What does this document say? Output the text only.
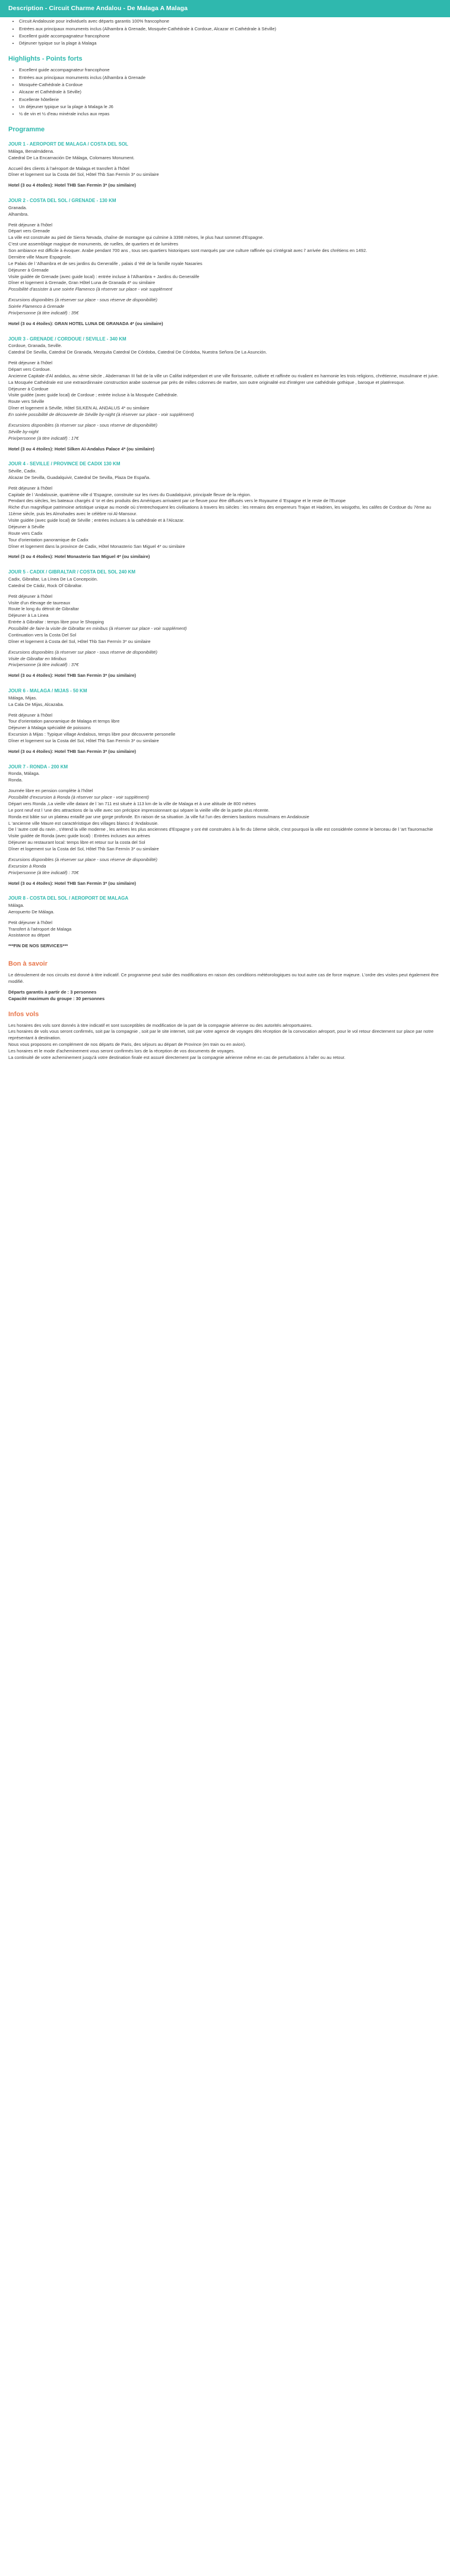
Description - Circuit Charme Andalou - De Malaga A Malaga
• Circuit Andalousie pour individuels avec départs garantis 100% francophone
• Entrées aux principaux monuments inclus (Alhambra à Grenade, Mosquée-Cathédrale à Cordoue, Alcazar et Cathédrale à Séville)
• Excellent guide accompagnateur francophone
• Déjeuner typique sur la plage à Malaga
Highlights - Points forts
• Excellent guide accompagnateur francophone
• Entrées aux principaux monuments inclus (Alhambra à Grenade
• Mosquée-Cathédrale à Cordoue
• Alcazar et Cathédrale à Séville)
• Excellente hôtellerie
• Un déjeuner typique sur la plage à Malaga le J6
• ½ de vin et ½ d'eau minérale inclus aux repas
Programme
JOUR 1 - AEROPORT DE MALAGA / COSTA DEL SOL

Málaga, Benalmádena.

Catedral De La Encarnación De Málaga, Colomares Monument.

Accueil des clients à l'aéroport de Malaga et transfert à l'hôtel

Dîner et logement sur la Costa del Sol, Hôtel Thb San Fermín 3* ou similaire

Hotel (3 ou 4 étoiles): Hotel THB San Fermin 3* (ou similaire)

JOUR 2 - COSTA DEL SOL / GRENADE - 130 KM

Granada.

Alhambra.

Petit déjeuner à l'hôtel

Départ vers Grenade

La ville est construite au pied de Sierra Nevada, chaîne de montagne qui culmine à 3398 mètres, le plus haut sommet d'Espagne.

C'est une assemblage magique de monuments, de ruelles, de quartiers et de lumières

Son ambiance est difficile à évoquer. Arabe pendant 700 ans , tous ses quartiers historiques sont marqués par une culture raffinée qui s'intégrait avec l' arrivée des chrétiens en 1492.

Dernière ville Maure Espagnole.

Le Palais de l 'Alhambra et de ses jardins du Generalife , palais d 'été de la famille royale Nasaries

Déjeuner à Grenade

Visite guidée de Grenade (avec guide local) : entrée incluse à l'Alhambra + Jardins du Generalife

Dîner et logement à Grenade, Gran Hôtel Luna de Granada 4* ou similaire

Possibilité d'assister à une soirée Flamenco (à réserver sur place - voir supplément

Excursions disponibles (à réserver sur place - sous réserve de disponibilité)

Soirée Flamenco à Grenade

Prix/personne (à titre indicatif) : 35€

Hotel (3 ou 4 étoiles): GRAN HOTEL LUNA DE GRANADA 4* (ou similaire)

JOUR 3 - GRENADE / CORDOUE / SEVILLE - 340 KM

Cordoue, Granada, Seville.

Catedral De Sevilla, Catedral De Granada, Mezquita Catedral De Córdoba, Catedral De Córdoba, Nuestra Señora De La Asunción.

Petit déjeuner à l'hôtel

Départ vers Cordoue.

Ancienne Capitale d'Al andalus, au xème siècle , Abderraman III fait de la ville un Califat indépendant et une ville florissante, cultivée et raffinée ou rivalient en harmonie les trois religions, chrétienne, musulmane et juive.

La Mosquée Cathédrale est une extraordinnaire construction arabe soutenue par près de milles colonnes de marbre, son outre originalité est d'intégrer une cathédrale gothique , baroque et platéresque.

Déjeuner à Cordoue

Visite guidée (avec guide local) de Cordoue ; entrée incluse à la Mosquée Cathédrale.

Route vers Séville

Dîner et logement à Séville, Hôtel SILKEN AL ANDALUS 4* ou similaire

En soirée possibilité de découverte de Séville by-night (à réserver sur place - voir supplément)

Excursions disponibles (à réserver sur place - sous réserve de disponibilité)

Séville by-night

Prix/personne (à titre indicatif) : 17€

Hotel (3 ou 4 étoiles): Hotel Silken Al-Andalus Palace 4* (ou similaire)

JOUR 4 - SEVILLE / PROVINCE DE CADIX 130 KM

Séville, Cadix.

Alcazar De Sevilla, Guadalquivir, Catedral De Sevilla, Plaza De España.

Petit déjeuner à l'hôtel

Capitale de l 'Andalousie, quatrième ville d 'Espagne, construite sur les rives du Guadalquivir, principale fleuve de la région.

Pendant des siècles, les bateaux chargés d 'or et des produits des Amériques arrivaient par ce fleuve pour être diffusés vers le Royaume d 'Espagne et le reste de l'Europe

Riche d'un magnifique patrimoine artistique unique au monde où s'entrechoquent les civilisations à travers les siècles : les remains des empereurs Trajan et Hadrien, les wisigoths, les califes de Cordoue du 7ème au 11ème siècle, puis les Almohades avec le célèbre roi Al-Mansour.

Visite guidée (avec guide local) de Séville ; entrées incluses à la cathédrale et à l'Alcazar.

Déjeuner à Séville

Route vers Cadix

Tour d'orientation panoramique de Cadix

Dîner et logement dans la province de Cadix, Hôtel Monasterio San Miguel 4* ou similaire

Hotel (3 ou 4 étoiles): Hotel Monasterio San Miguel 4* (ou similaire)

JOUR 5 - CADIX / GIBRALTAR / COSTA DEL SOL 240 KM

Cadix, Gibraltar, La Línea De La Concepción.

Catedral De Cádiz, Rock Of Gibraltar.

Petit déjeuner à l'hôtel

Visite d'un élevage de taureaux

Route le long du détroit de Gibraltar

Déjeuner à La Linea

Entrée à Gibraltar : temps libre pour le Shopping

Possibilité de faire la visite de Gibraltar en minibus (à réserver sur place - voir supplément)

Continuation vers la Costa Del Sol

Dîner et logement à Costa del Sol, Hôtel Thb San Fermín 3* ou similaire

Excursions disponibles (à réserver sur place - sous réserve de disponibilité)

Visite de Gibraltar en Minibus

Prix/personne (à titre indicatif) : 37€

Hotel (3 ou 4 étoiles): Hotel THB San Fermin 3* (ou similaire)

JOUR 6 - MALAGA / MIJAS - 50 KM

Málaga, Mijas.

La Cala De Mijas, Alcazaba.

Petit déjeuner à l'hôtel

Tour d'orientation panoramique de Malaga et temps libre

Déjeuner à Malaga spécialité de poissons

Excursion à Mijas : Typique village Andalous, temps libre pour découverte personelle

Dîner et logement sur la Costa del Sol, Hôtel Thb San Fermín 3* ou similaire

Hotel (3 ou 4 étoiles): Hotel THB San Fermin 3* (ou similaire)

JOUR 7 - RONDA - 200 KM

Ronda, Málaga.

Ronda.

Journée libre en pension complète à l'hôtel

Possibilité d'excursion à Ronda (à réserver sur place - voir supplément)

Départ vers Ronda ,La vieille ville datant de l 'an 711 est située à 113 km de la ville de Malaga et à une altitude de 800 mètres

Le pont neuf est l 'une des attractions de la ville avec son précipice impressionnant qui sépare la vieille ville de la partie plus récente.

Ronda est bâtie sur un plateau entaillé par une gorge profonde. En raison de sa situation ,la ville fut l'un des derniers bastions musulmans en Andalousie

L 'ancienne ville Maure est caractéristique des villages blancs d 'Andalousie.

De l 'autre coté du ravin , s'étend la ville moderne , les arènes les plus anciennes d'Espagne y ont été construites à la fin du 18eme siècle, c'est pourquoi la ville est considérée comme le berceau de l 'art Tauromachie

Visite guidée de Ronda (avec guide local) : Entrées incluses aux arènes

Déjeuner au restaurant local: temps libre et retour sur la costa del Sol

Dîner et logement sur la Costa del Sol, Hôtel Thb San Fermín 3* ou similaire

Excursions disponibles (à réserver sur place - sous réserve de disponibilité)

Excursion à Ronda

Prix/personne (à titre indicatif) : 70€

Hotel (3 ou 4 étoiles): Hotel THB San Fermin 3* (ou similaire)

JOUR 8 - COSTA DEL SOL / AEROPORT DE MALAGA

Málaga.

Aeropuerto De Málaga.

Petit déjeuner à l'hôtel

Transfert à l'aéroport de Malaga

Assistance au départ

***FIN DE NOS SERVICES***

Bon à savoir

Le déroulement de nos circuits est donné à titre indicatif. Ce programme peut subir des modifications en raison des conditions météorologiques ou tout autre cas de force majeure. L'ordre des visites peut également être modifié.

Départs garantis à partir de : 3 personnes

Capacité maximum du groupe : 30 personnes

Infos vols

Les horaires des vols sont donnés à titre indicatif et sont susceptibles de modification de la part de la compagnie aérienne ou des autorités aéroportuaires.

Les horaires de vols vous seront confirmés, soit par la compagnie , soit par le site internet, soit par votre agence de voyages dès réception de la convocation aéroport, pour le vol retour directement sur place par notre représentant à destination.

Nous vous proposons en complément de nos départs de Paris, des séjours au départ de Province (en train ou en avion).

Les horaires et le mode d'acheminement vous seront confirmés lors de la réception de vos documents de voyages.

La continuité de votre acheminement jusqu'à votre destination finale est assuré directement par la compagnie aérienne même en cas de perturbations à l'aller ou au retour.
